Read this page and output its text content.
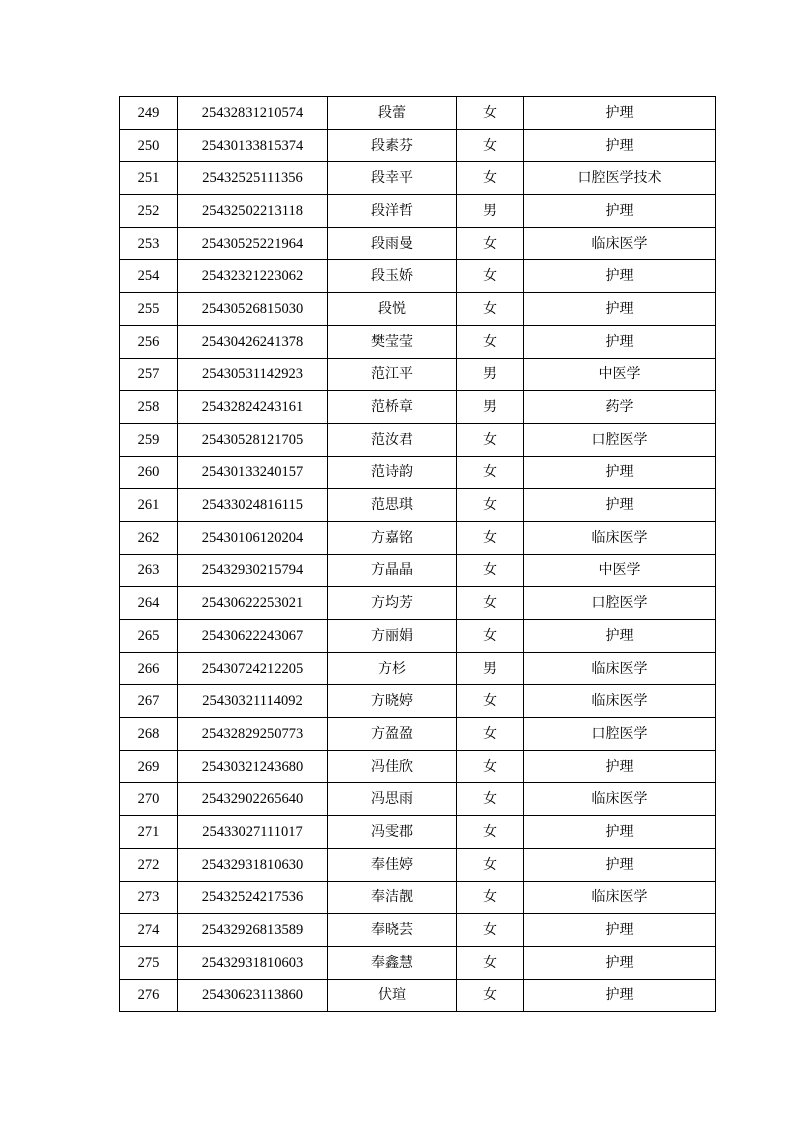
249	25432831210574	段蕾	女	护理
250	25430133815374	段素芬	女	护理
251	25432525111356	段幸平	女	口腔医学技术
252	25432502213118	段洋哲	男	护理
253	25430525221964	段雨曼	女	临床医学
254	25432321223062	段玉娇	女	护理
255	25430526815030	段悦	女	护理
256	25430426241378	樊莹莹	女	护理
257	25430531142923	范江平	男	中医学
258	25432824243161	范桥章	男	药学
259	25430528121705	范汝君	女	口腔医学
260	25430133240157	范诗韵	女	护理
261	25433024816115	范思琪	女	护理
262	25430106120204	方嘉铭	女	临床医学
263	25432930215794	方晶晶	女	中医学
264	25430622253021	方均芳	女	口腔医学
265	25430622243067	方丽娟	女	护理
266	25430724212205	方杉	男	临床医学
267	25430321114092	方晓婷	女	临床医学
268	25432829250773	方盈盈	女	口腔医学
269	25430321243680	冯佳欣	女	护理
270	25432902265640	冯思雨	女	临床医学
271	25433027111017	冯雯郡	女	护理
272	25432931810630	奉佳婷	女	护理
273	25432524217536	奉洁靓	女	临床医学
274	25432926813589	奉晓芸	女	护理
275	25432931810603	奉鑫慧	女	护理
276	25430623113860	伏瑄	女	护理
